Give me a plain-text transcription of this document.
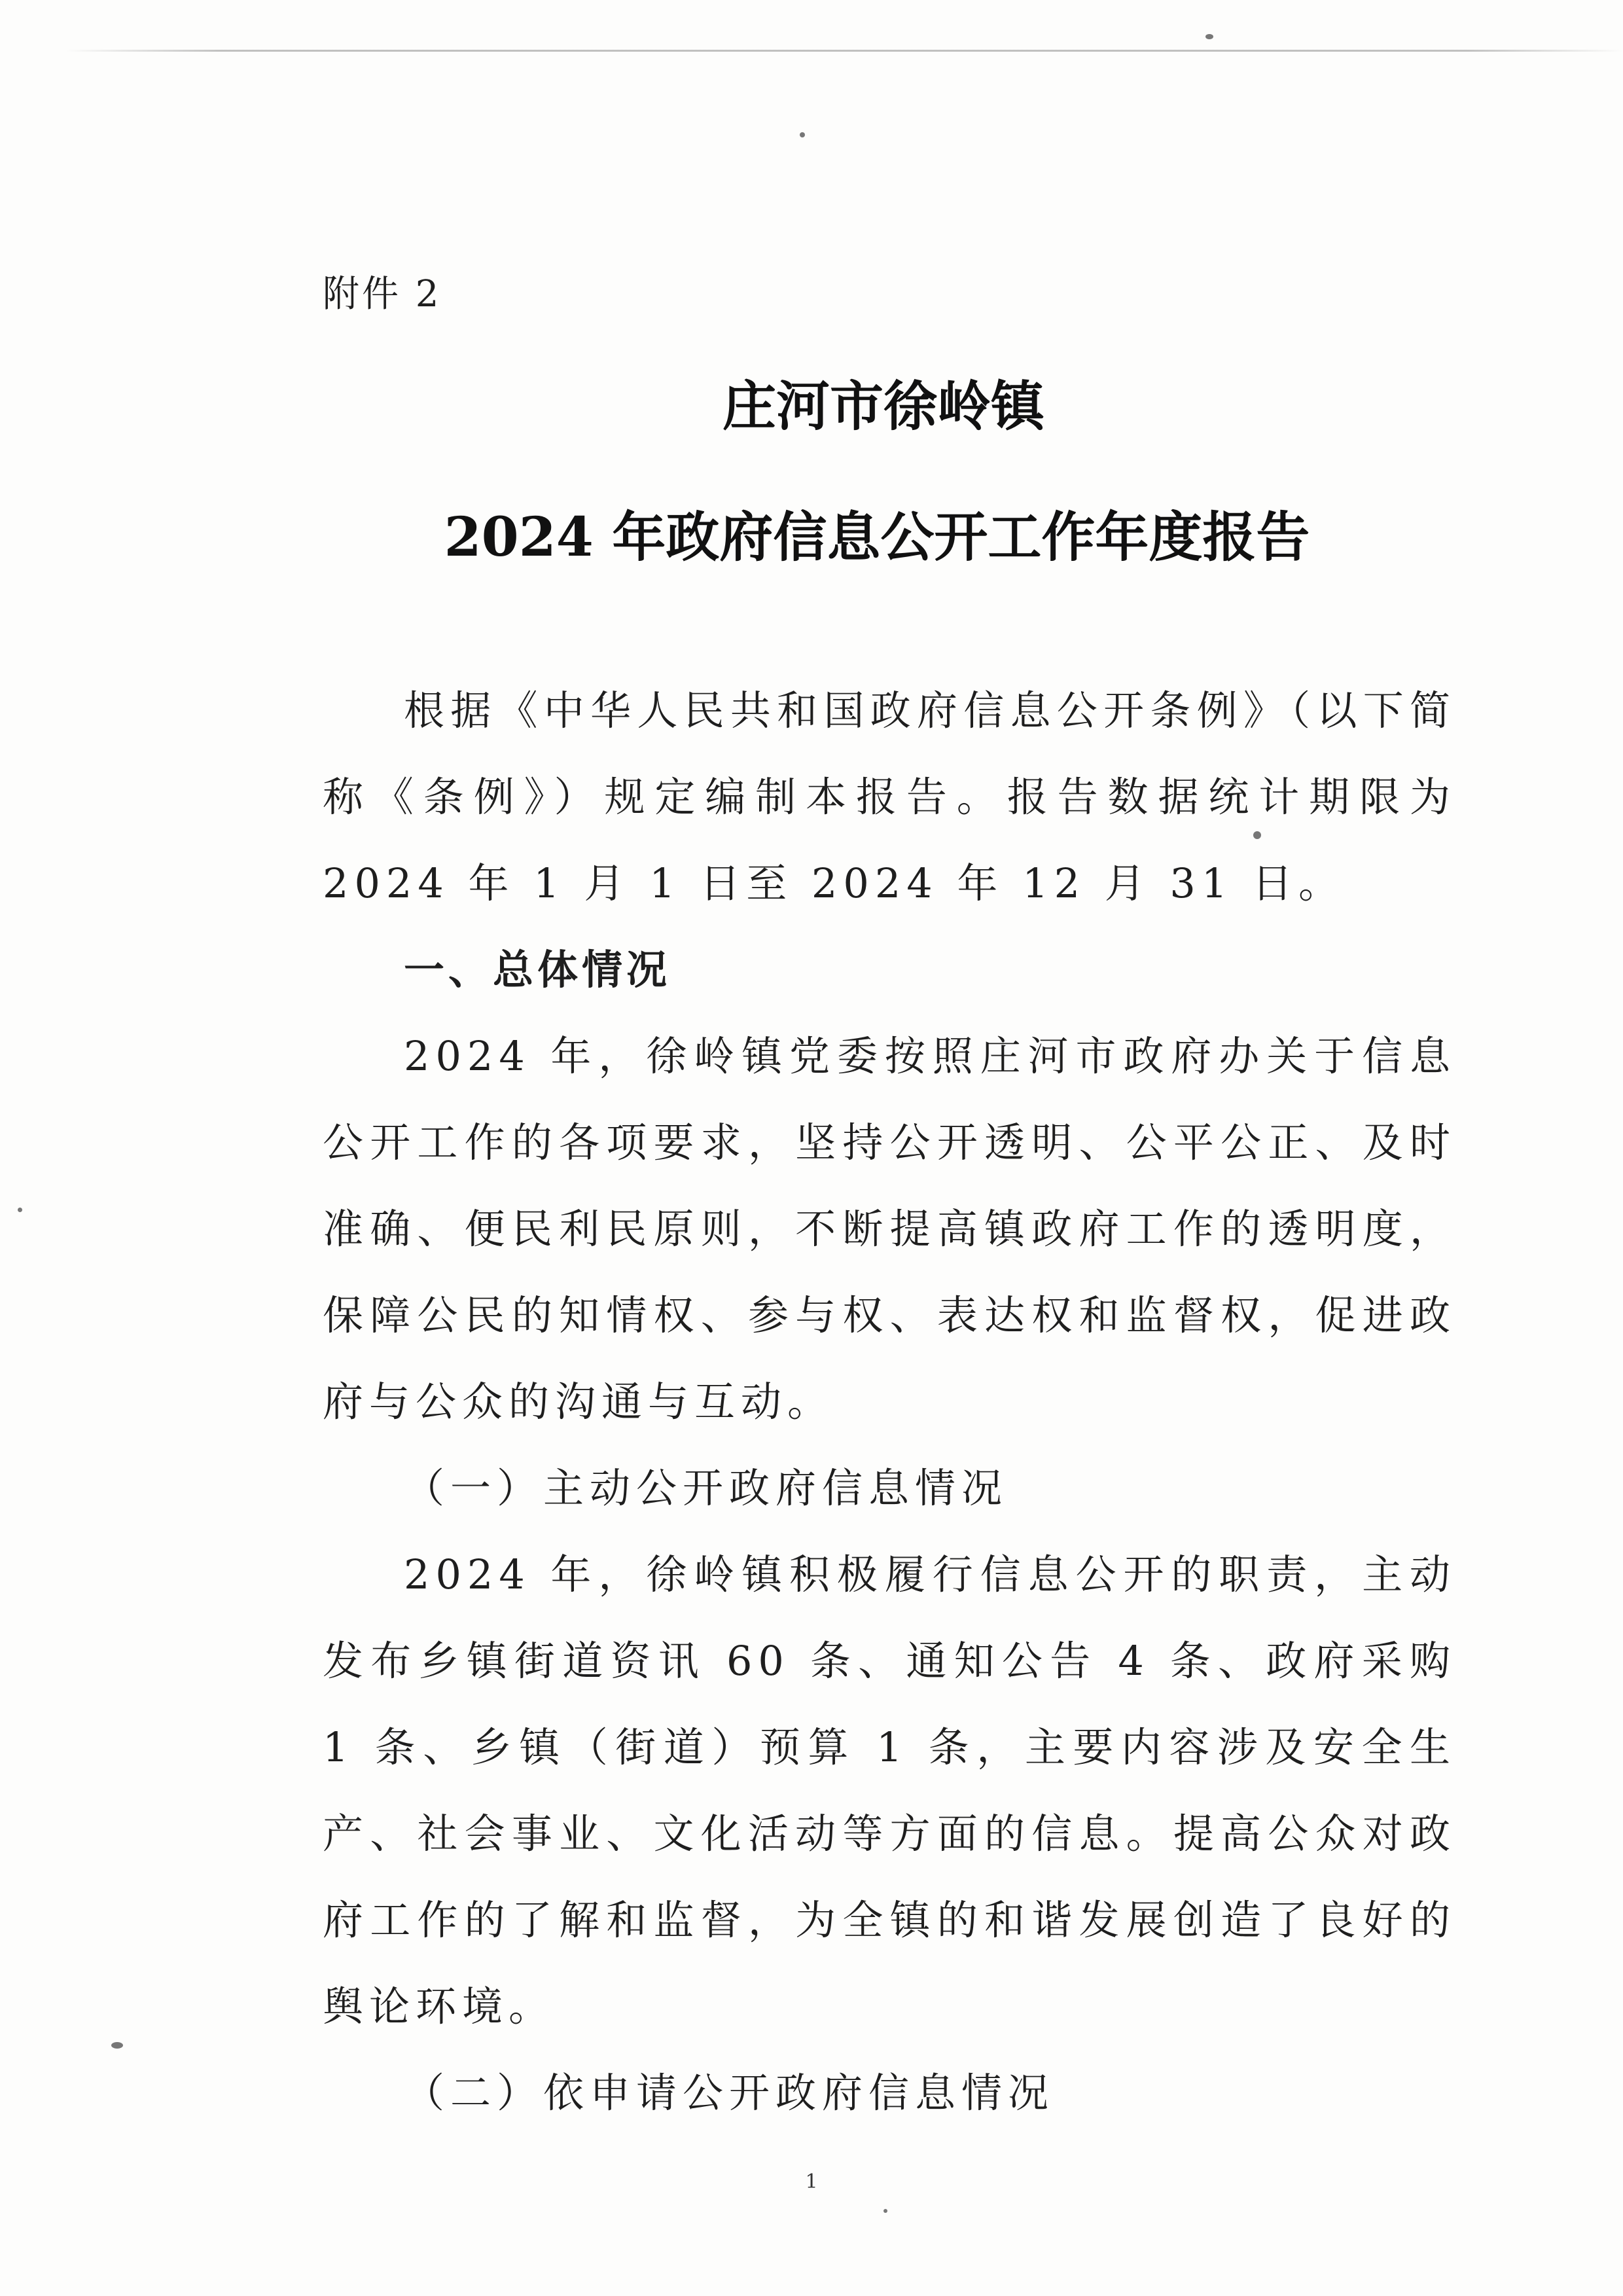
附件 2
庄河市徐岭镇
2024 年政府信息公开工作年度报告

根据《中华人民共和国政府信息公开条例》（以下简称《条例》）规定编制本报告。报告数据统计期限为 2024 年 1 月 1 日至 2024 年 12 月 31 日。

一、总体情况

2024 年，徐岭镇党委按照庄河市政府办关于信息公开工作的各项要求，坚持公开透明、公平公正、及时准确、便民利民原则，不断提高镇政府工作的透明度，保障公民的知情权、参与权、表达权和监督权，促进政府与公众的沟通与互动。

（一）主动公开政府信息情况

2024 年，徐岭镇积极履行信息公开的职责，主动发布乡镇街道资讯 60 条、通知公告 4 条、政府采购 1 条、乡镇（街道）预算 1 条，主要内容涉及安全生产、社会事业、文化活动等方面的信息。提高公众对政府工作的了解和监督，为全镇的和谐发展创造了良好的舆论环境。

（二）依申请公开政府信息情况
1
